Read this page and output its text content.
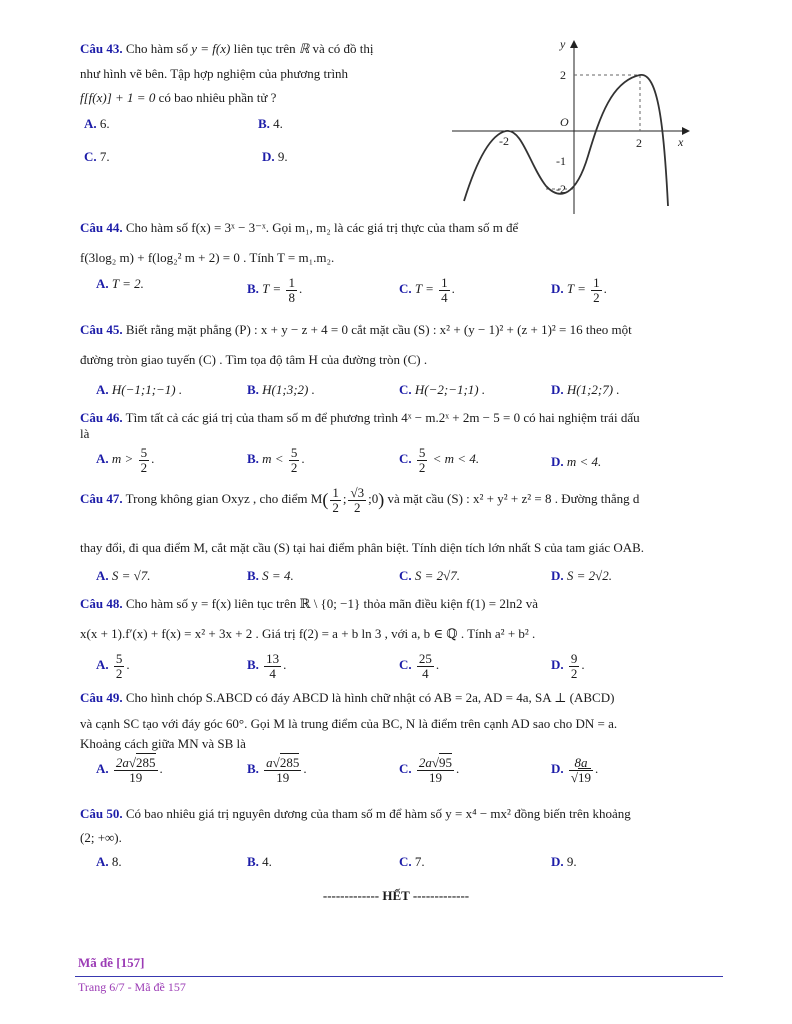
Câu 43. Cho hàm số y = f(x) liên tục trên ℝ và có đồ thị
như hình vẽ bên. Tập hợp nghiệm của phương trình
f[f(x)] + 1 = 0 có bao nhiêu phần tử ?
A. 6.	B. 4.
C. 7.	D. 9.
y
x
O
2
-1
-2
-2	2
Câu 44. Cho hàm số f(x) = 3ˣ − 3⁻ˣ. Gọi m₁, m₂ là các giá trị thực của tham số m để
f(3log₂ m) + f(log₂² m + 2) = 0 . Tính T = m₁.m₂.
A. T = 2.	B. $T = \frac{1}{8}$ .	C. $T = \frac{1}{4}$ .	D. $T = \frac{1}{2}$ .
Câu 45. Biết rằng mặt phẳng (P) : x + y − z + 4 = 0 cắt mặt cầu (S) : x² + (y − 1)² + (z + 1)² = 16 theo một
đường tròn giao tuyến (C) . Tìm tọa độ tâm H của đường tròn (C) .
A. H(−1;1;−1) .	B. H(1;3;2) .	C. H(−2;−1;1) .	D. H(1;2;7) .
Câu 46. Tìm tất cả các giá trị của tham số m để phương trình 4ˣ − m.2ˣ + 2m − 5 = 0 có hai nghiệm trái dấu
là
A. $m > \frac{5}{2}$ .	B. $m < \frac{5}{2}$ .	C. $\frac{5}{2} < m < 4$.	D. m < 4.
Câu 47. Trong không gian Oxyz , cho điểm $M( \frac{1}{2}$ ; $\frac{√3}{2}$ ;0) và mặt cầu (S) : x² + y² + z² = 8 . Đường thẳng d
thay đổi, đi qua điểm M, cắt mặt cầu (S) tại hai điểm phân biệt. Tính diện tích lớn nhất S của tam giác OAB.
A. S = √7.	B. S = 4.	C. S = 2√7.	D. S = 2√2.
Câu 48. Cho hàm số y = f(x) liên tục trên ℝ \ {0; −1} thỏa mãn điều kiện f(1) = 2ln2 và
x(x + 1).f′(x) + f(x) = x² + 3x + 2 . Giá trị f(2) = a + b ln 3 , với a, b ∈ ℚ . Tính a² + b² .
A. $\frac{5}{2}$ .	B. $\frac{13}{4}$ .	C. $\frac{25}{4}$ .	D. $\frac{9}{2}$ .
Câu 49. Cho hình chóp S.ABCD có đáy ABCD là hình chữ nhật có AB = 2a, AD = 4a, SA ⊥ (ABCD)
và cạnh SC tạo với đáy góc 60°. Gọi M là trung điểm của BC, N là điểm trên cạnh AD sao cho DN = a.
Khoảng cách giữa MN và SB là
A. $\frac{2a√285}{19}$ .	B. $\frac{a√285}{19}$ .	C. $\frac{2a√95}{19}$ .	D. $\frac{8a}{√19}$ .
Câu 50. Có bao nhiêu giá trị nguyên dương của tham số m để hàm số y = x⁴ − mx² đồng biến trên khoảng
(2; +∞).
A. 8.	B. 4.	C. 7.	D. 9.
------------- HẾT -------------
Mã đề [157]
Trang 6/7 - Mã đề 157
